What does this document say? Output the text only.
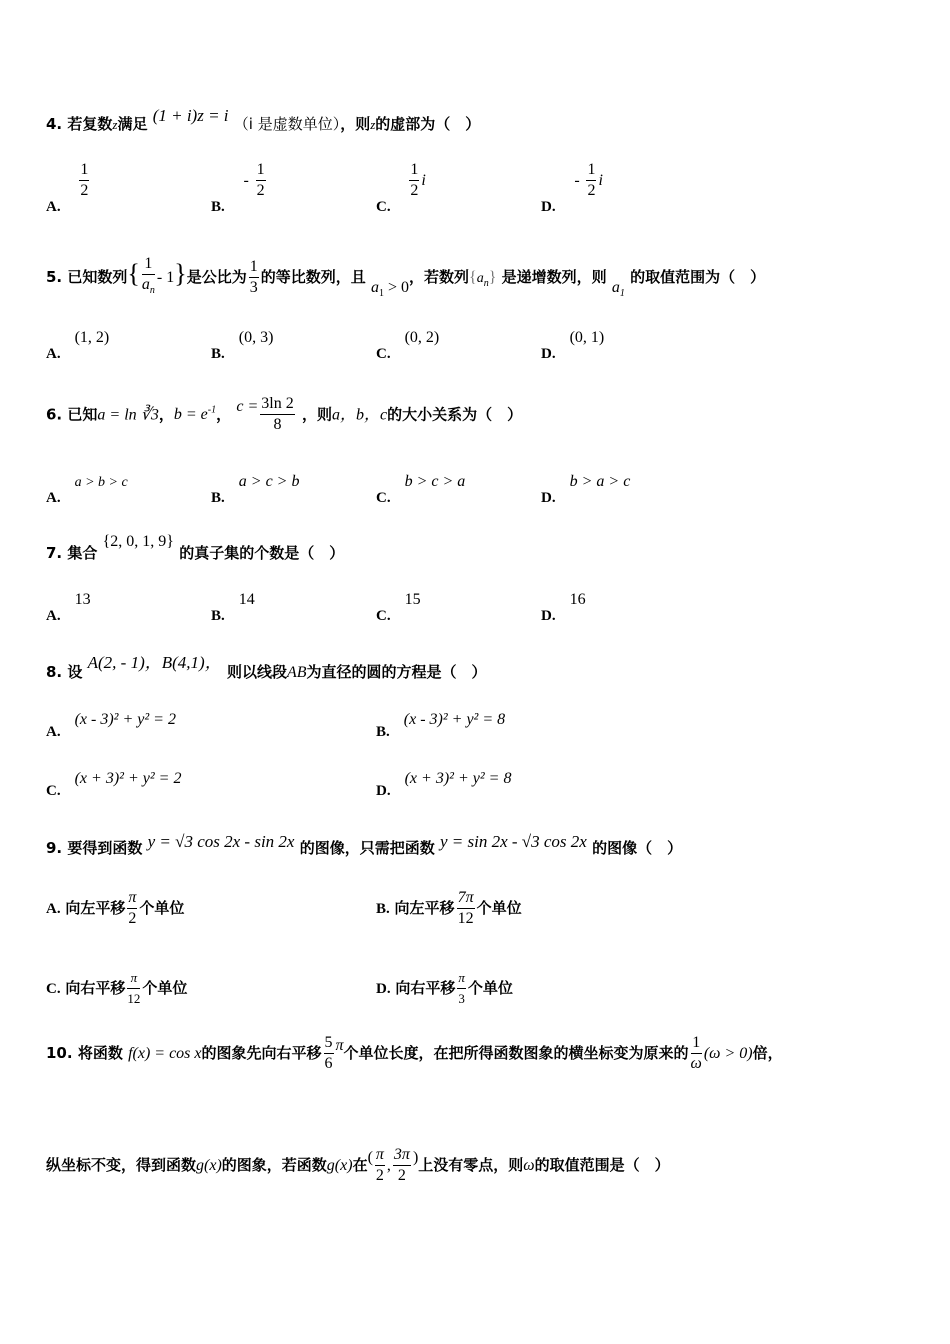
4. 若复数z满足 (1 + i)z = i （i 是虚数单位），则z的虚部为（　）
A.
$\frac{1}{2}$
B. - $\frac{1}{2}$
C.
$\frac{1}{2}$ i
D. - $\frac{1}{2}$ i
5. 已知数列{ $\frac{1}{a_n} - 1$}是公比为 $\frac{1}{3}$ 的等比数列，且 $a_1 > 0$，若数列$\{a_n\}$ 是递增数列，则 $a_1$ 的取值范围为（　）
A.(1, 2)
B.(0, 3)
C.(0, 2)
D.(0, 1)
6. 已知a = ln ∛3，$b = e^{-1}$， $c = \frac{3\ln 2}{8}$ ，则a，b，c的大小关系为（　）
A.a > b > c
B.a > c > b
C.b > c > a
D.b > a > c
7. 集合 {2, 0, 1, 9} 的真子集的个数是（　）
A.13
B.14
C.15
D.16
8. 设 A(2, - 1)，B(4,1)， 则以线段AB为直径的圆的方程是（　）
A.(x - 3)² + y² = 2
B.(x - 3)² + y² = 8
C.(x + 3)² + y² = 2
D.(x + 3)² + y² = 8
9. 要得到函数 y = √3 cos 2x - sin 2x 的图像，只需把函数 y = sin 2x - √3 cos 2x 的图像（　）
A. 向左平移 $\frac{\pi}{2}$ 个单位	B. 向左平移 $\frac{7\pi}{12}$ 个单位
C. 向右平移 $\frac{\pi}{12}$ 个单位	D. 向右平移 $\frac{\pi}{3}$ 个单位
10. 将函数 f(x) = cos x的图象先向右平移 $\frac{5}{6}$ π个单位长度，在把所得函数图象的横坐标变为原来的 $\frac{1}{\omega} (\omega > 0)$倍，
纵坐标不变，得到函数g(x)的图象，若函数g(x)在( $\frac{\pi}{2}$ , $\frac{3\pi}{2}$ )上没有零点，则ω的取值范围是（　）
